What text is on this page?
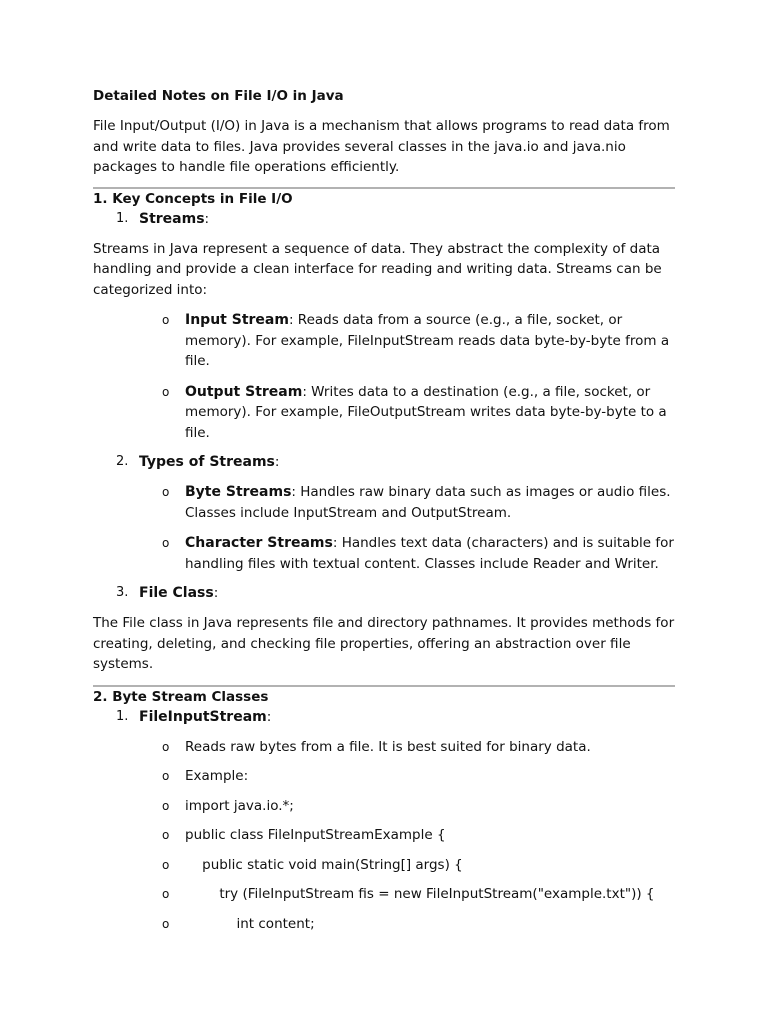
Detailed Notes on File I/O in Java

File Input/Output (I/O) in Java is a mechanism that allows programs to read data from and write data to files. Java provides several classes in the java.io and java.nio packages to handle file operations efficiently.

1. Key Concepts in File I/O
1. Streams:

Streams in Java represent a sequence of data. They abstract the complexity of data handling and provide a clean interface for reading and writing data. Streams can be categorized into:

o Input Stream: Reads data from a source (e.g., a file, socket, or memory). For example, FileInputStream reads data byte-by-byte from a file.
o Output Stream: Writes data to a destination (e.g., a file, socket, or memory). For example, FileOutputStream writes data byte-by-byte to a file.
2. Types of Streams:
o Byte Streams: Handles raw binary data such as images or audio files. Classes include InputStream and OutputStream.
o Character Streams: Handles text data (characters) and is suitable for handling files with textual content. Classes include Reader and Writer.
3. File Class:

The File class in Java represents file and directory pathnames. It provides methods for creating, deleting, and checking file properties, offering an abstraction over file systems.

2. Byte Stream Classes
1. FileInputStream:
o Reads raw bytes from a file. It is best suited for binary data.
o Example:
o import java.io.*;
o public class FileInputStreamExample {
o public static void main(String[] args) {
o try (FileInputStream fis = new FileInputStream("example.txt")) {
o int content;
